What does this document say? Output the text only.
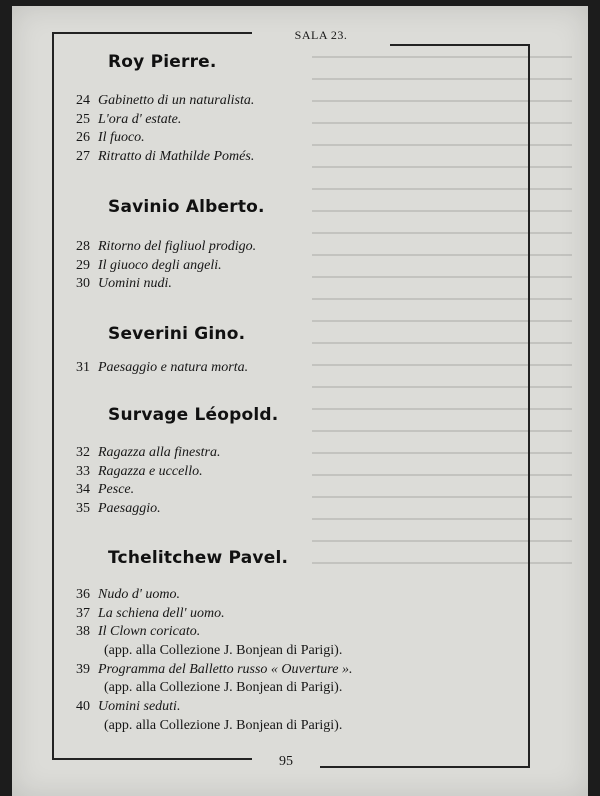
SALA 23.
Roy Pierre.
24 Gabinetto di un naturalista.
25 L'ora d' estate.
26 Il fuoco.
27 Ritratto di Mathilde Pomés.
Savinio Alberto.
28 Ritorno del figliuol prodigo.
29 Il giuoco degli angeli.
30 Uomini nudi.
Severini Gino.
31 Paesaggio e natura morta.
Survage Léopold.
32 Ragazza alla finestra.
33 Ragazza e uccello.
34 Pesce.
35 Paesaggio.
Tchelitchew Pavel.
36 Nudo d' uomo.
37 La schiena dell' uomo.
38 Il Clown coricato.
(app. alla Collezione J. Bonjean di Parigi).
39 Programma del Balletto russo « Ouverture ».
(app. alla Collezione J. Bonjean di Parigi).
40 Uomini seduti.
(app. alla Collezione J. Bonjean di Parigi).
95
